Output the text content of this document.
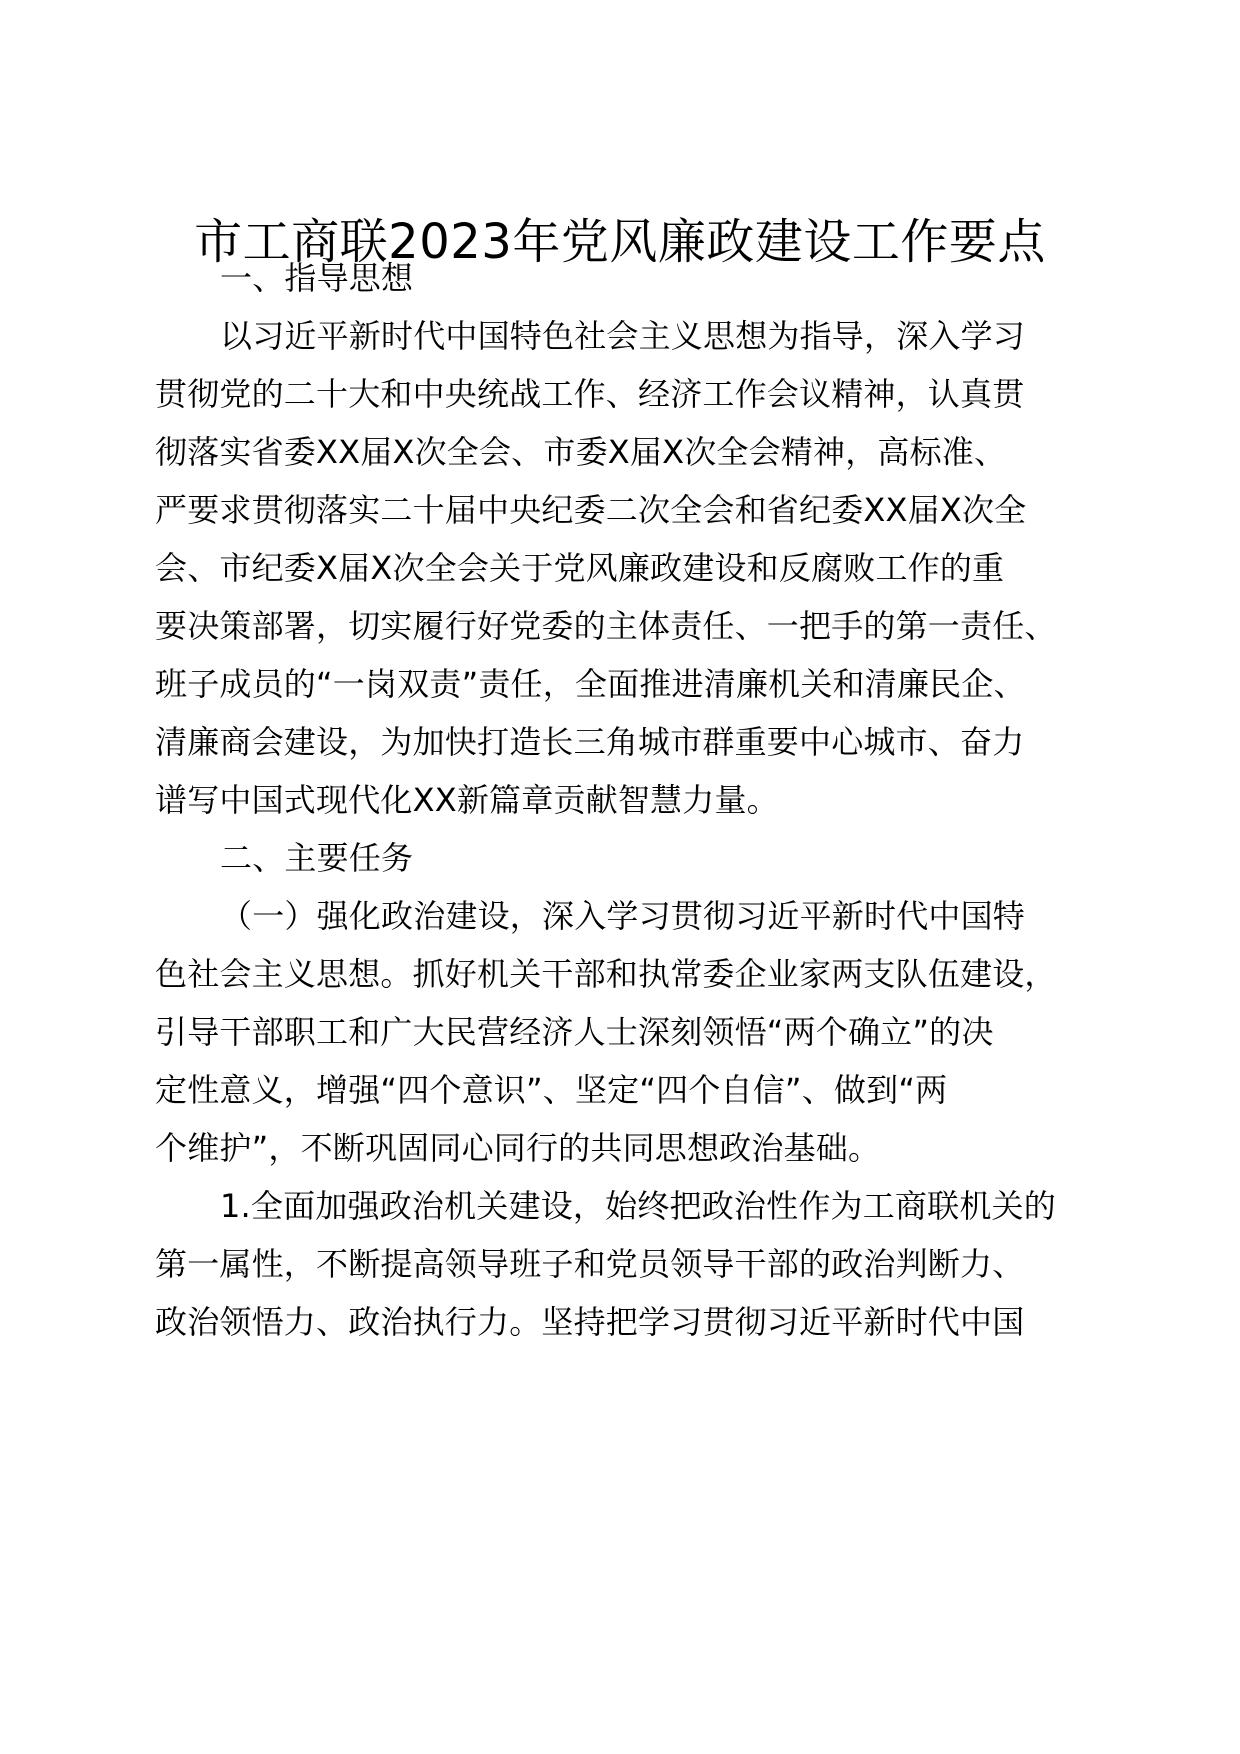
市工商联2023年党风廉政建设工作要点
一、指导思想
以习近平新时代中国特色社会主义思想为指导，深入学习
贯彻党的二十大和中央统战工作、经济工作会议精神，认真贯
彻落实省委XX届X次全会、市委X届X次全会精神，高标准、
严要求贯彻落实二十届中央纪委二次全会和省纪委XX届X次全
会、市纪委X届X次全会关于党风廉政建设和反腐败工作的重
要决策部署，切实履行好党委的主体责任、一把手的第一责任、
班子成员的“一岗双责”责任，全面推进清廉机关和清廉民企、
清廉商会建设，为加快打造长三角城市群重要中心城市、奋力
谱写中国式现代化XX新篇章贡献智慧力量。
二、主要任务
（一）强化政治建设，深入学习贯彻习近平新时代中国特
色社会主义思想。抓好机关干部和执常委企业家两支队伍建设，
引导干部职工和广大民营经济人士深刻领悟“两个确立”的决
定性意义，增强“四个意识”、坚定“四个自信”、做到“两
个维护”，不断巩固同心同行的共同思想政治基础。
1.全面加强政治机关建设，始终把政治性作为工商联机关的
第一属性，不断提高领导班子和党员领导干部的政治判断力、
政治领悟力、政治执行力。坚持把学习贯彻习近平新时代中国
